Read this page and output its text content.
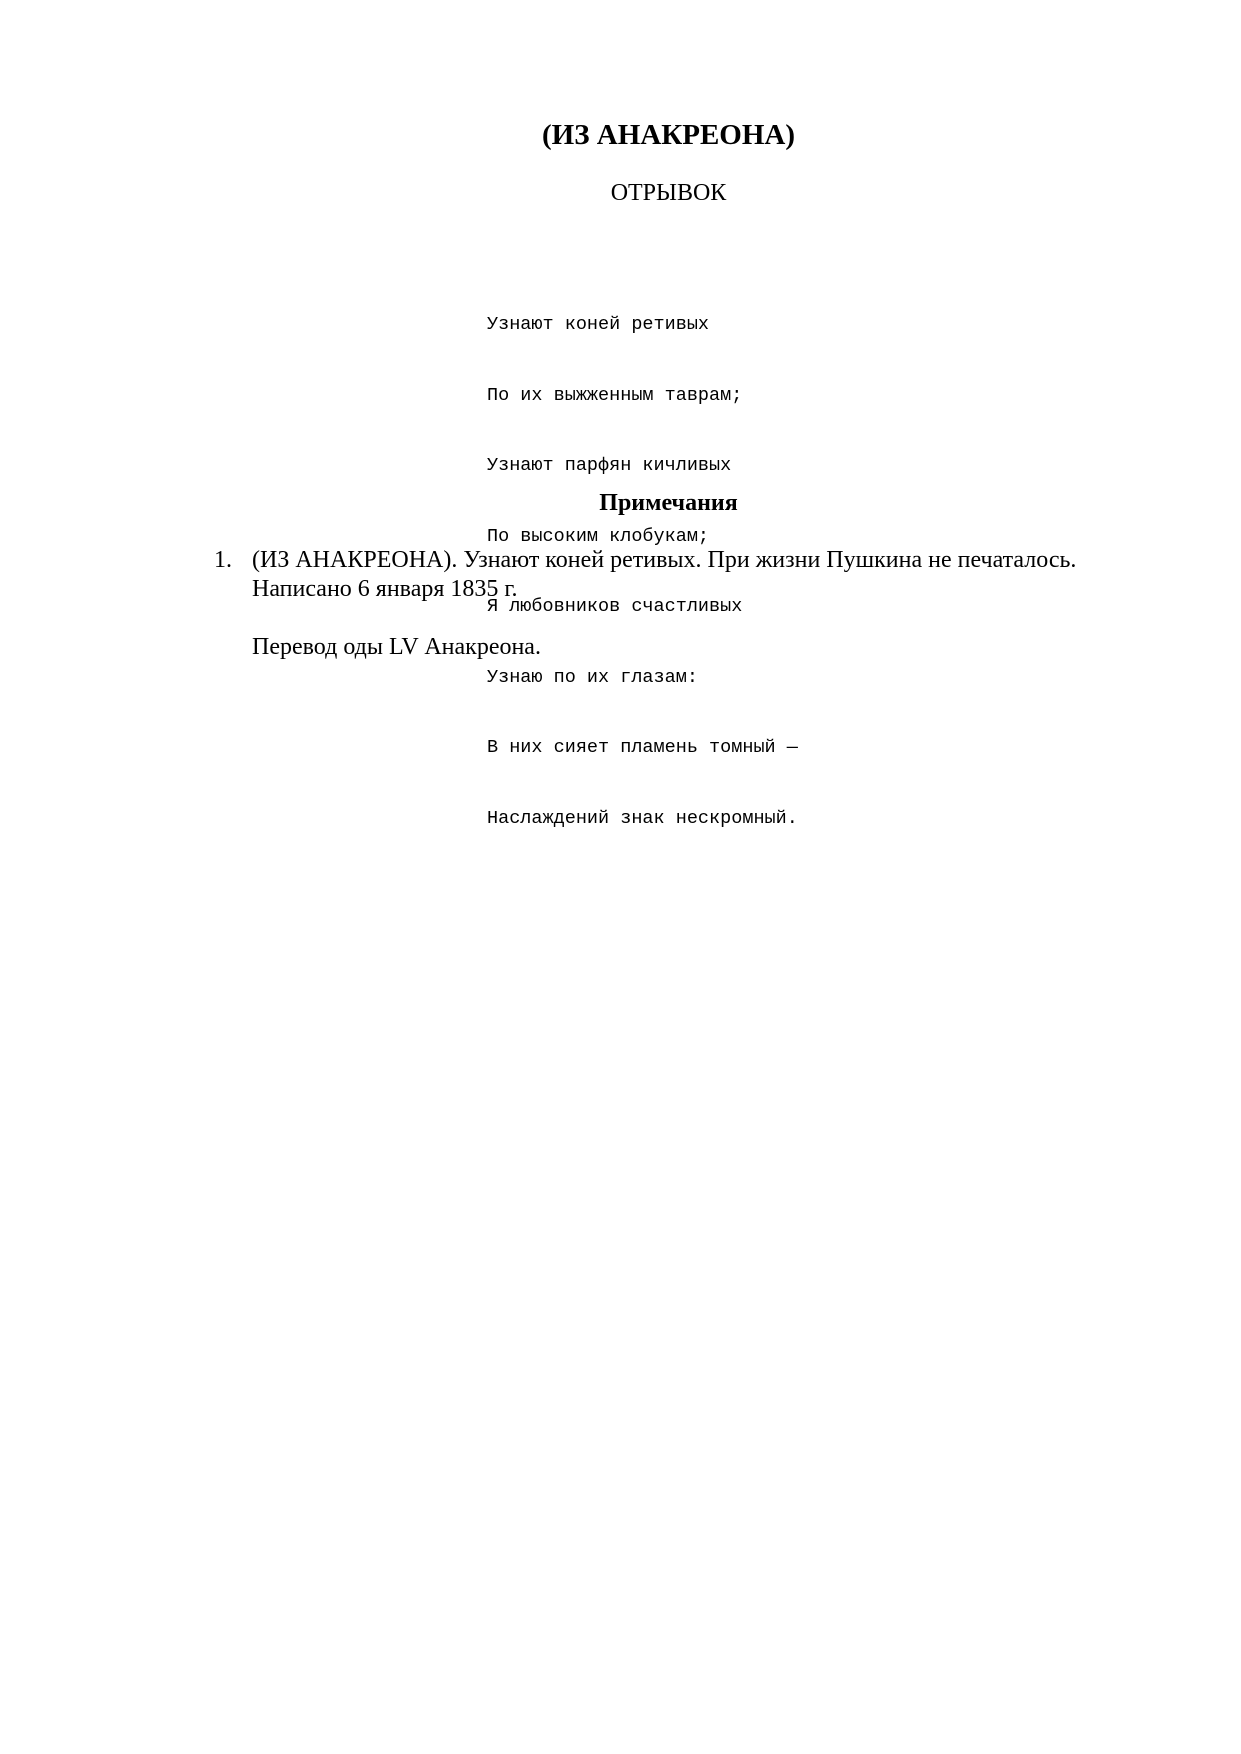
(ИЗ АНАКРЕОНА)
ОТРЫВОК

Узнают коней ретивых

По их выжженным таврам;

Узнают парфян кичливых

По высоким клобукам;

Я любовников счастливых

Узнаю по их глазам:

В них сияет пламень томный —

Наслаждений знак нескромный.

Примечания
1. (ИЗ АНАКРЕОНА). Узнают коней ретивых. При жизни Пушкина не печаталось. Написано 6 января 1835 г.

Перевод оды LV Анакреона.
